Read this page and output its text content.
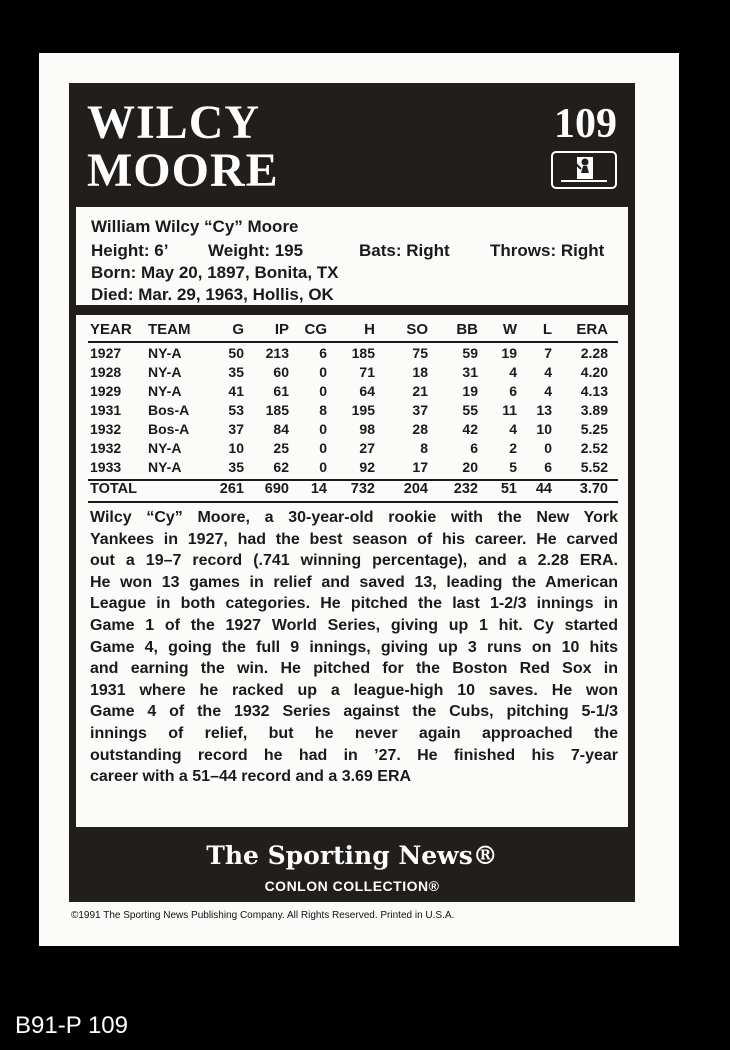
WILCY
MOORE
109
William Wilcy “Cy” Moore
Height: 6’ Weight: 195	Bats: Right Throws: Right
Born: May 20, 1897, Bonita, TX
Died: Mar. 29, 1963, Hollis, OK
YEAR TEAM	G IP CG H SO BB W L ERA
1927 NY-A	50 213 6 185	75 59 19 7 2.28
1928 NY-A	35 60 0 71	18 31 4 4 4.20
1929 NY-A	41 61 0 64	21 19 6 4 4.13
1931 Bos-A	53 185 8 195	37 55 11 13 3.89
1932 Bos-A	37 84 0 98	28 42 4 10 5.25
1932 NY-A	10 25 0 27	8	6 2 0 2.52
1933 NY-A	35 62 0 92	17 20 5 6 5.52
TOTAL	261 690 14 732 204 232 51 44 3.70
Wilcy “Cy” Moore, a 30-year-old rookie with the New York
Yankees in 1927, had the best season of his career. He carved
out a 19–7 record (.741 winning percentage), and a 2.28 ERA.
He won 13 games in relief and saved 13, leading the American
League in both categories. He pitched the last 1-2/3 innings in
Game 1 of the 1927 World Series, giving up 1 hit. Cy started
Game 4, going the full 9 innings, giving up 3 runs on 10 hits
and earning the win. He pitched for the Boston Red Sox in
1931 where he racked up a league-high 10 saves. He won
Game 4 of the 1932 Series against the Cubs, pitching 5-1/3
innings of relief, but he never again approached the
outstanding record he had in ’27. He finished his 7-year
career with a 51–44 record and a 3.69 ERA
The Sporting News®
CONLON COLLECTION®
©1991 The Sporting News Publishing Company. All Rights Reserved. Printed in U.S.A.
B91-P 109
